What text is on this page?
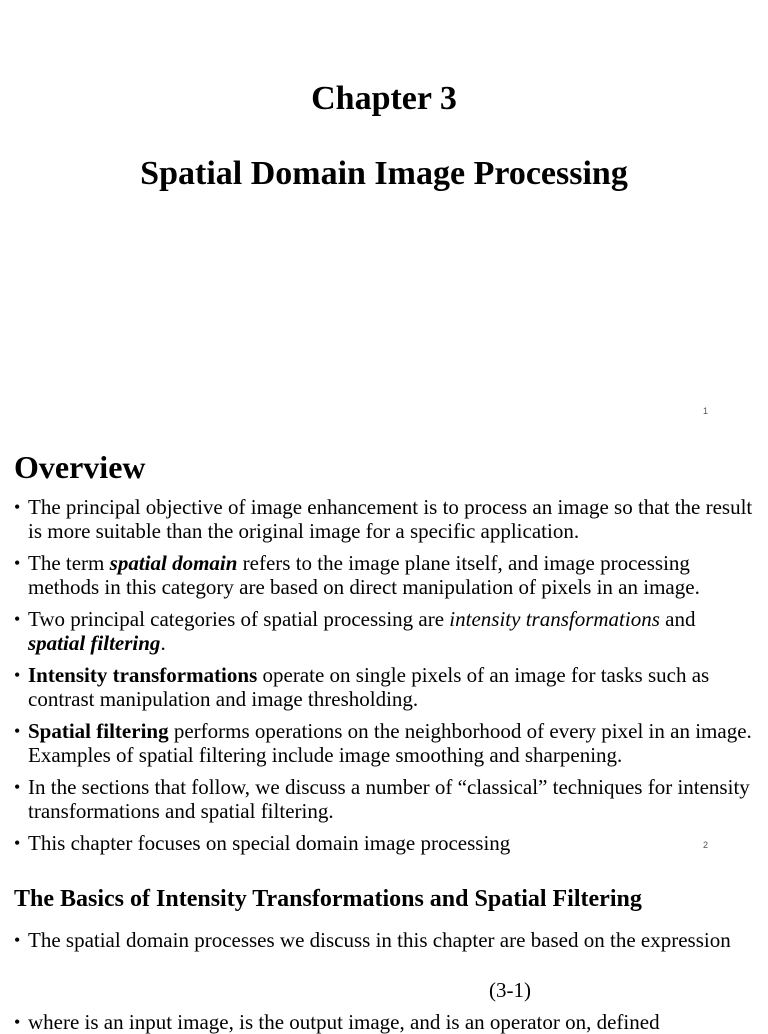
Chapter 3
Spatial Domain Image Processing
1
Overview
• The principal objective of image enhancement is to process an image so that the result is more suitable than the original image for a specific application.
• The term spatial domain refers to the image plane itself, and image processing methods in this category are based on direct manipulation of pixels in an image.
• Two principal categories of spatial processing are intensity transformations and spatial filtering.
• Intensity transformations operate on single pixels of an image for tasks such as contrast manipulation and image thresholding.
• Spatial filtering performs operations on the neighborhood of every pixel in an image. Examples of spatial filtering include image smoothing and sharpening.
• In the sections that follow, we discuss a number of “classical” techniques for intensity transformations and spatial filtering.
• This chapter focuses on special domain image processing	2
The Basics of Intensity Transformations and Spatial Filtering
• The spatial domain processes we discuss in this chapter are based on the expression
(3-1)
• where is an input image, is the output image, and is an operator on, defined
